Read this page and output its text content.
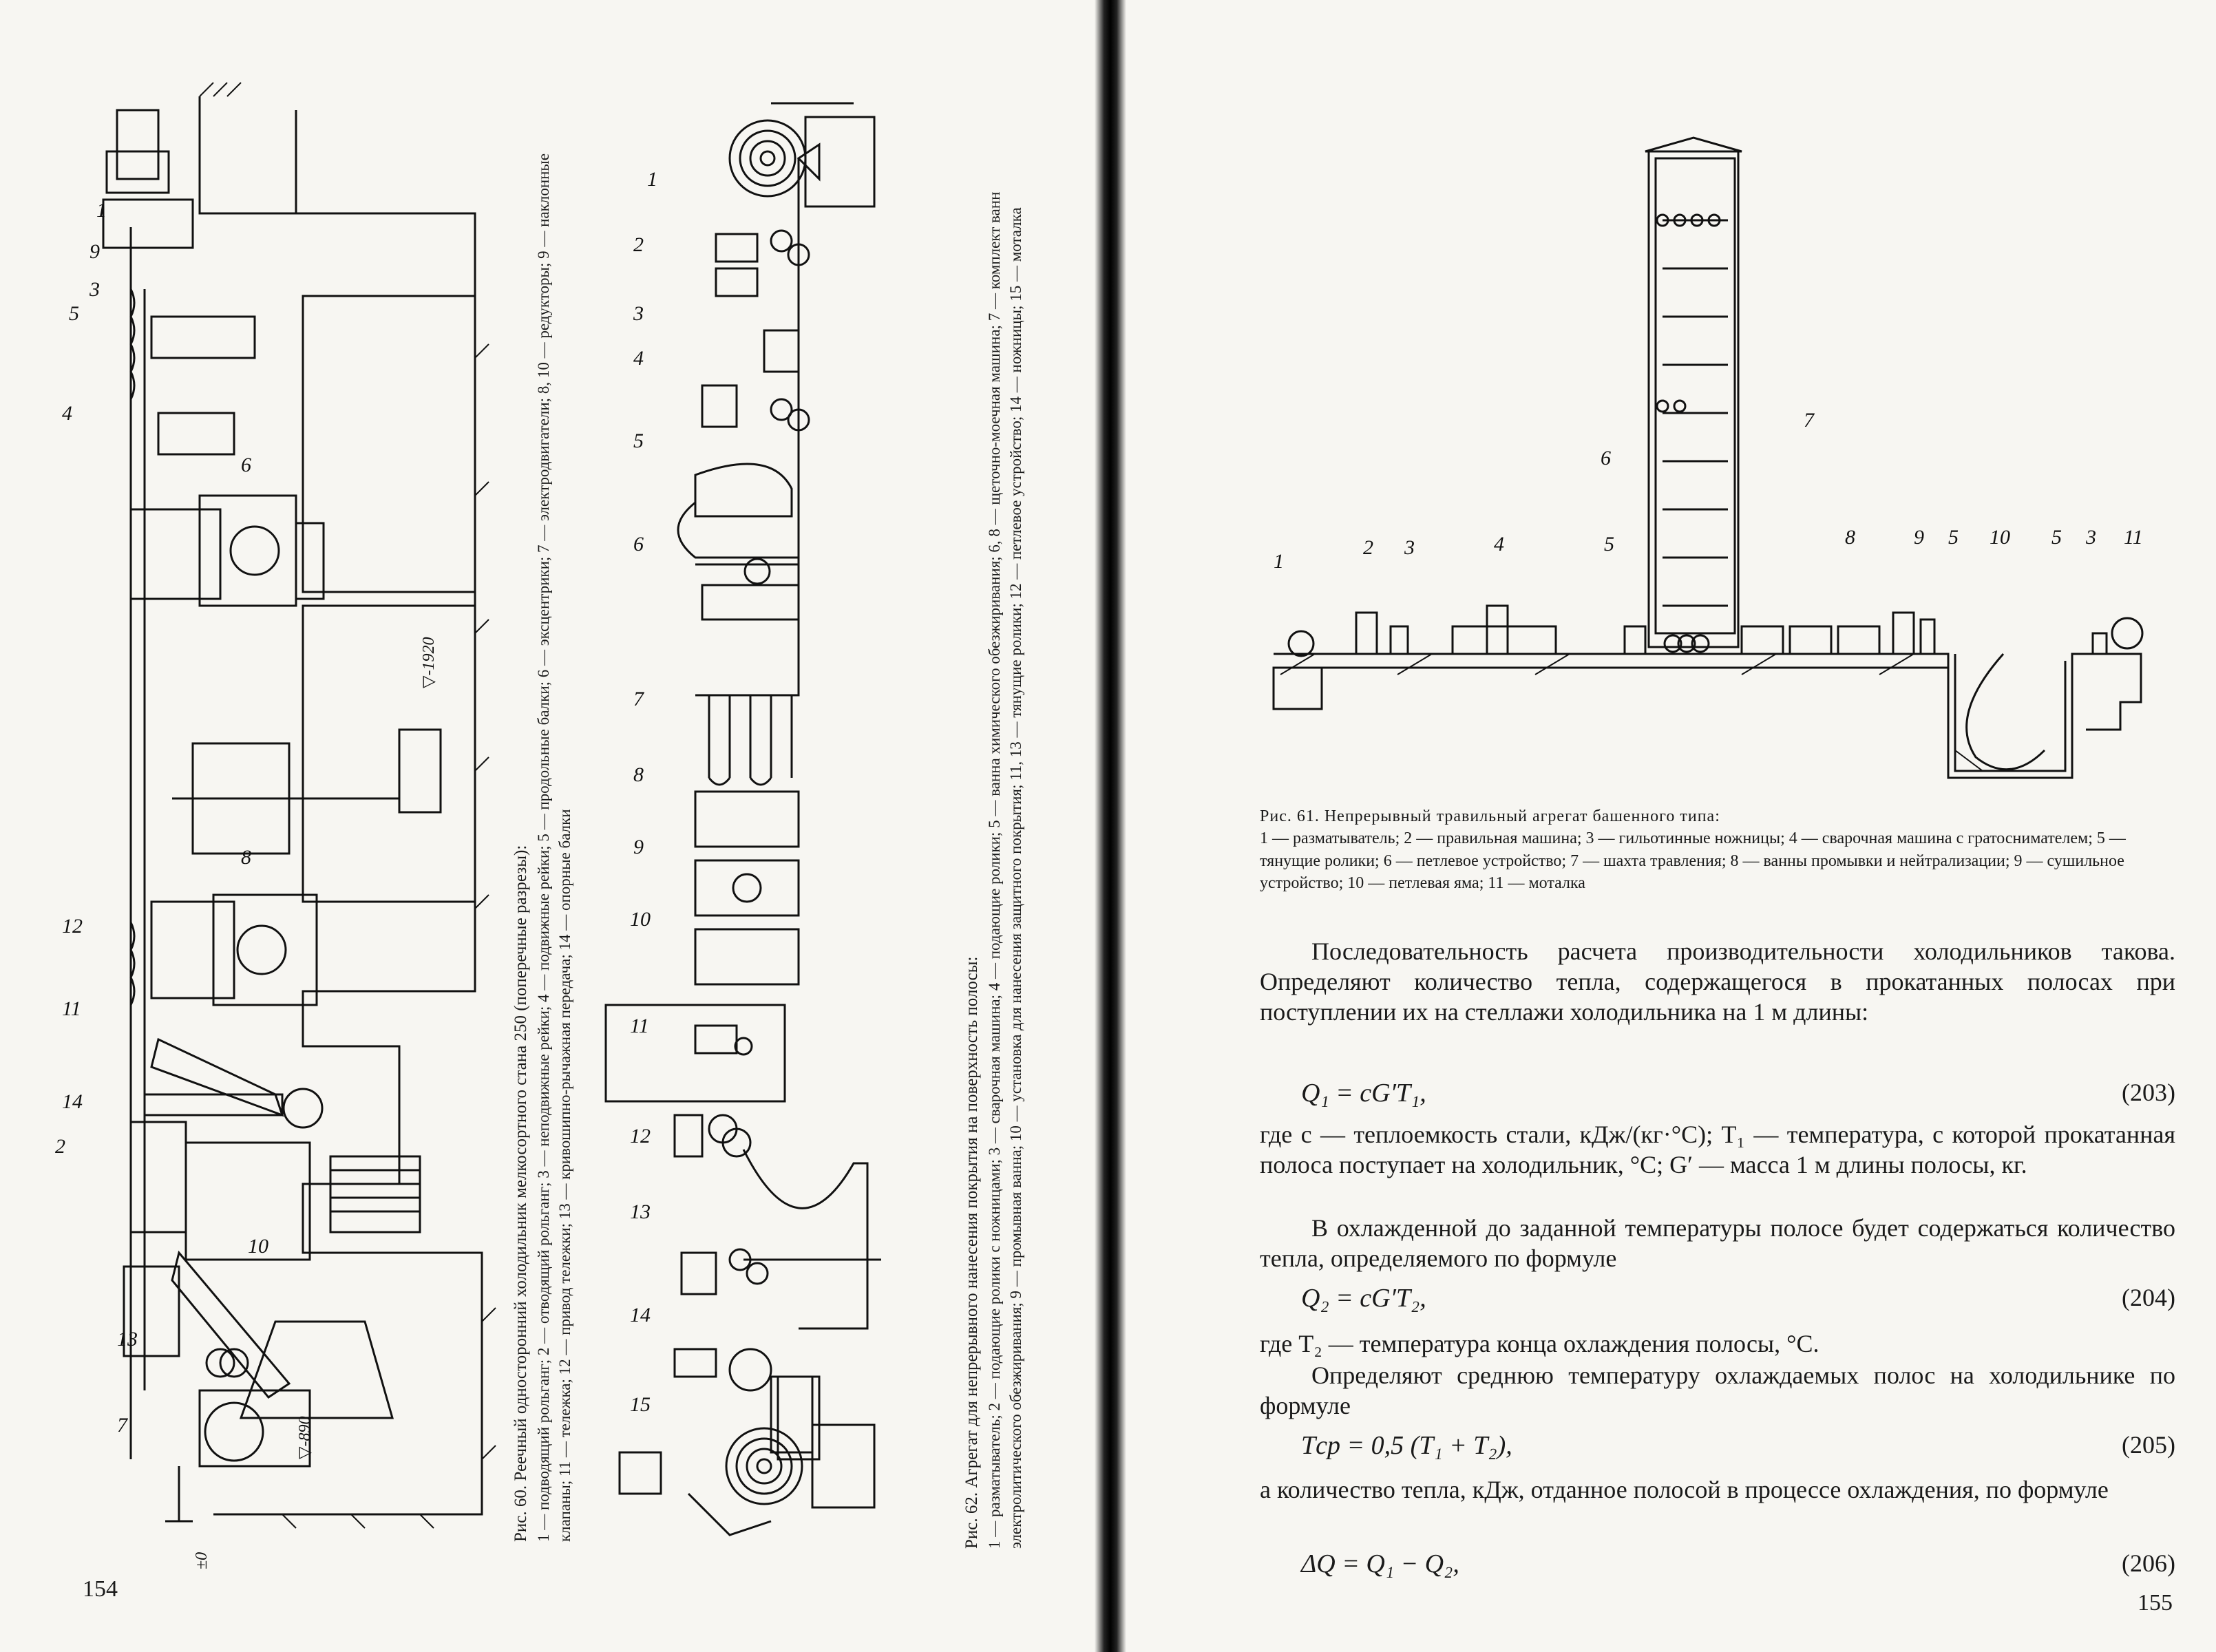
1
9
5
3
4
6
8
12
11
14
2
10
13
7
▽-1920
▽-890
±0
154
Рис. 60. Реечный односторонний холодильник мелкосортного стана 250 (поперечные разрезы): 1 — подводящий рольганг; 2 — отводящий рольганг; 3 — неподвижные рейки; 4 — подвижные рейки; 5 — продольные балки; 6 — эксцентрики; 7 — электродвигатели; 8, 10 — редукторы; 9 — наклонные клапаны; 11 — тележка; 12 — привод тележки; 13 — кривошипно-рычажная передача; 14 — опорные балки
1
2
3
4
5
6
7
8
9
10
11
12
13
14
15	Рис. 62. Агрегат для непрерывного нанесения покрытия на поверхность полосы: 1 — разматыватель; 2 — подающие ролики с ножницами; 3 — сварочная машина; 4 — подающие ролики; 5 — ванна химического обезжиривания; 6, 8 — щеточно-моечная машина; 7 — комплект ванн электролитического обезжиривания; 9 — промывная ванна; 10 — установка для нанесения защитного покрытия; 11, 13 — тянущие ролики; 12 — петлевое устройство; 14 — ножницы; 15 — моталка	1
2 3	4	5
6
7
8	9 5 10 5 3 11
Рис. 61. Непрерывный травильный агрегат башенного типа:
1 — разматыватель; 2 — правильная машина; 3 — гильотинные ножницы; 4 — сварочная машина с гратоснимателем; 5 — тянущие ролики; 6 — петлевое устройство; 7 — шахта травления; 8 — ванны промывки и нейтрализации; 9 — сушильное устройство; 10 — петлевая яма; 11 — моталка
Последовательность расчета производительности холодильников такова. Определяют количество тепла, содержащегося в прокатанных полосах при поступлении их на стеллажи холодильника на 1 м длины:
Q₁ = cG′T₁,	(203)
где c — теплоемкость стали, кДж/(кг·°С); T₁ — температура, с которой прокатанная полоса поступает на холодильник, °С; G′ — масса 1 м длины полосы, кг.
В охлажденной до заданной температуры полосе будет содержаться количество тепла, определяемого по формуле
Q₂ = cG′T₂,	(204)
где T₂ — температура конца охлаждения полосы, °С.
Определяют среднюю температуру охлаждаемых полос на холодильнике по формуле
Tср = 0,5 (T₁ + T₂),	(205)
а количество тепла, кДж, отданное полосой в процессе охлаждения, по формуле
ΔQ = Q₁ − Q₂,	(206)
155
